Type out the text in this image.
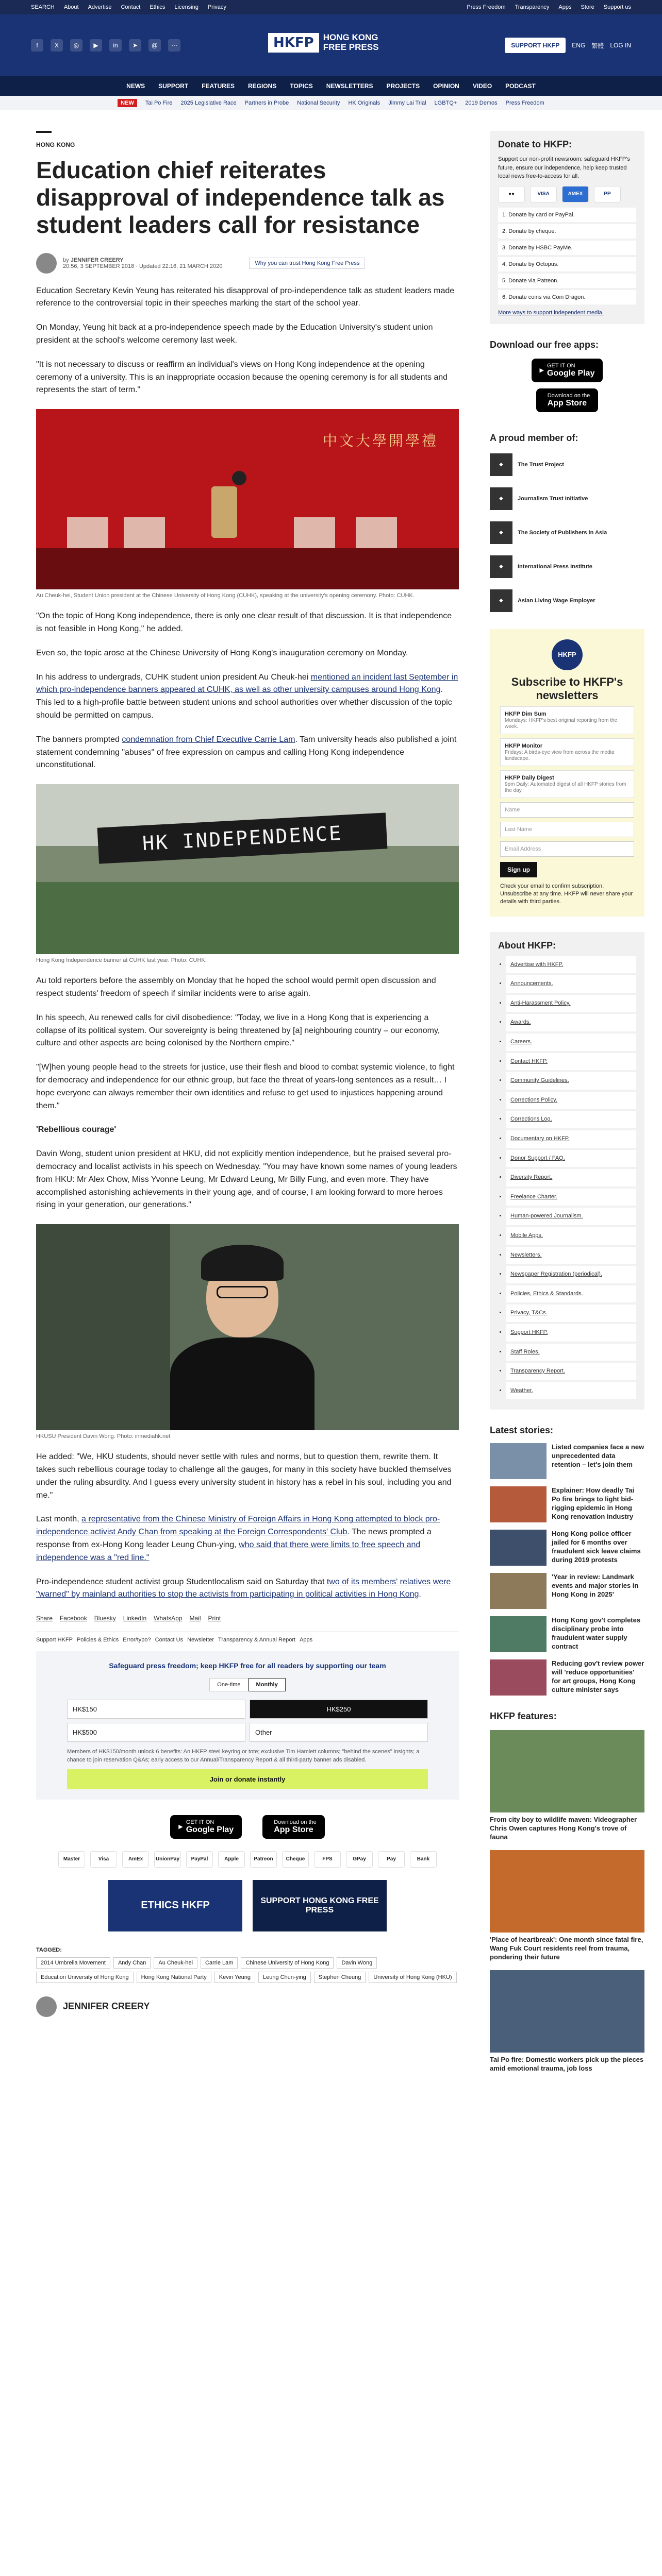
SEARCH About Advertise Contact Ethics Licensing Privacy	Press Freedom Transparency Apps Store Support us
f	X	◎	▶	in	➤	@	⋯	HKFP	HONG KONG
FREE PRESS	SUPPORT HKFP	ENG 繁體 LOG IN
NEWS SUPPORT FEATURES REGIONS TOPICS NEWSLETTERS PROJECTS OPINION VIDEO PODCAST
NEW	Tai Po Fire 2025 Legislative Race Partners in Probe National Security HK Originals Jimmy Lai Trial LGBTQ+ 2019 Demos Press Freedom
HONG KONG
Education chief reiterates disapproval of independence talk as student leaders call for resistance
by JENNIFER CREERY
20:56, 3 SEPTEMBER 2018 · Updated 22:16, 21 MARCH 2020	Why you can trust Hong Kong Free Press

Education Secretary Kevin Yeung has reiterated his disapproval of pro-independence talk as student leaders made reference to the controversial topic in their speeches marking the start of the school year.

On Monday, Yeung hit back at a pro-independence speech made by the Education University's student union president at the school's welcome ceremony last week.

"It is not necessary to discuss or reaffirm an individual's views on Hong Kong independence at the opening ceremony of a university. This is an inappropriate occasion because the opening ceremony is for all students and represents the start of term."

中文大學開學禮
Au Cheuk-hei, Student Union president at the Chinese University of Hong Kong (CUHK), speaking at the university's opening ceremony. Photo: CUHK.

"On the topic of Hong Kong independence, there is only one clear result of that discussion. It is that independence is not feasible in Hong Kong," he added.

Even so, the topic arose at the Chinese University of Hong Kong's inauguration ceremony on Monday.

In his address to undergrads, CUHK student union president Au Cheuk-hei mentioned an incident last September in which pro-independence banners appeared at CUHK, as well as other university campuses around Hong Kong. This led to a high-profile battle between student unions and school authorities over whether discussion of the topic should be permitted on campus.

The banners prompted condemnation from Chief Executive Carrie Lam. Tam university heads also published a joint statement condemning "abuses" of free expression on campus and calling Hong Kong independence unconstitutional.

HK INDEPENDENCE
Hong Kong Independence banner at CUHK last year. Photo: CUHK.

Au told reporters before the assembly on Monday that he hoped the school would permit open discussion and respect students' freedom of speech if similar incidents were to arise again.

In his speech, Au renewed calls for civil disobedience: "Today, we live in a Hong Kong that is experiencing a collapse of its political system. Our sovereignty is being threatened by [a] neighbouring country – our economy, culture and other aspects are being colonised by the Northern empire."

"[W]hen young people head to the streets for justice, use their flesh and blood to combat systemic violence, to fight for democracy and independence for our ethnic group, but face the threat of years-long sentences as a result… I hope everyone can always remember their own identities and refuse to get used to injustices happening around them."

'Rebellious courage'

Davin Wong, student union president at HKU, did not explicitly mention independence, but he praised several pro-democracy and localist activists in his speech on Wednesday. "You may have known some names of young leaders from HKU: Mr Alex Chow, Miss Yvonne Leung, Mr Edward Leung, Mr Billy Fung, and even more. They have accomplished astonishing achievements in their young age, and of course, I am looking forward to more heroes rising in your generation, our generations."

HKUSU President Davin Wong. Photo: inmediahk.net

He added: "We, HKU students, should never settle with rules and norms, but to question them, rewrite them. It takes such rebellious courage today to challenge all the gauges, for many in this society have buckled themselves under the ruling absurdity. And I guess every university student in history has a rebel in his soul, including you and me."

Last month, a representative from the Chinese Ministry of Foreign Affairs in Hong Kong attempted to block pro-independence activist Andy Chan from speaking at the Foreign Correspondents' Club. The news prompted a response from ex-Hong Kong leader Leung Chun-ying, who said that there were limits to free speech and independence was a "red line."

Pro-independence student activist group Studentlocalism said on Saturday that two of its members' relatives were "warned" by mainland authorities to stop the activists from participating in political activities in Hong Kong.

Share Facebook Bluesky LinkedIn WhatsApp Mail Print
Support HKFP Policies & Ethics Error/typo? Contact Us Newsletter Transparency & Annual Report Apps
Safeguard press freedom; keep HKFP free for all readers by supporting our team
One-time	Monthly
HK$150	HK$250
HK$500	Other
Members of HK$150/month unlock 6 benefits: An HKFP steel keyring or tote; exclusive Tim Hamlett columns; "behind the scenes" insights; a chance to join reservation Q&As; early access to our Annual/Transparency Report & all third-party banner ads disabled.
Join or donate instantly
▶
GET IT ON
Google Play
Download on the
App Store
Master	Visa	AmEx	UnionPay	PayPal	Apple	Patreon	Cheque	FPS	GPay	Pay	Bank
ETHICS HKFP	SUPPORT HONG KONG FREE PRESS
TAGGED:
2014 Umbrella Movement	Andy Chan	Au Cheuk-hei	Carrie Lam	Chinese University of Hong Kong	Davin Wong
Education University of Hong Kong	Hong Kong National Party	Kevin Yeung	Leung Chun-ying	Stephen Cheung	University of Hong Kong (HKU)
JENNIFER CREERY
Donate to HKFP:

Support our non-profit newsroom: safeguard HKFP's future, ensure our independence, help keep trusted local news free-to-access for all.

●●	VISA	AMEX	PP
1. Donate by card or PayPal.
2. Donate by cheque.
3. Donate by HSBC PayMe.
4. Donate by Octopus.
5. Donate via Patreon.
6. Donate coins via Coin Dragon.
More ways to support independent media.
Download our free apps:
▶
GET IT ON
Google Play
Download on the
App Store
A proud member of:
◆	The Trust Project
◆	Journalism Trust Initiative
◆	The Society of Publishers in Asia
◆	International Press Institute
◆	Asian Living Wage Employer
HKFP
Subscribe to HKFP's newsletters
HKFP Dim Sum
Mondays: HKFP's best original reporting from the week.
HKFP Monitor
Fridays: A birds-eye view from across the media landscape.
HKFP Daily Digest
9pm Daily: Automated digest of all HKFP stories from the day.
Name
Last Name
Email Address
Sign up
Check your email to confirm subscription. Unsubscribe at any time. HKFP will never share your details with third parties.
About HKFP:
• Advertise with HKFP.
• Announcements.
• Anti-Harassment Policy.
• Awards.
• Careers.
• Contact HKFP.
• Community Guidelines.
• Corrections Policy.
• Corrections Log.
• Documentary on HKFP.
• Donor Support / FAQ.
• Diversity Report.
• Freelance Charter.
• Human-powered Journalism.
• Mobile Apps.
• Newsletters.
• Newspaper Registration (periodical).
• Policies, Ethics & Standards.
• Privacy, T&Cs.
• Support HKFP.
• Staff Roles.
• Transparency Report.
• Weather.
Latest stories:
Listed companies face a new unprecedented data retention – let's join them
Explainer: How deadly Tai Po fire brings to light bid-rigging epidemic in Hong Kong renovation industry
Hong Kong police officer jailed for 6 months over fraudulent sick leave claims during 2019 protests
'Year in review: Landmark events and major stories in Hong Kong in 2025'
Hong Kong gov't completes disciplinary probe into fraudulent water supply contract
Reducing gov't review power will 'reduce opportunities' for art groups, Hong Kong culture minister says
HKFP features:
From city boy to wildlife maven: Videographer Chris Owen captures Hong Kong's trove of fauna
'Place of heartbreak': One month since fatal fire, Wang Fuk Court residents reel from trauma, pondering their future
Tai Po fire: Domestic workers pick up the pieces amid emotional trauma, job loss
